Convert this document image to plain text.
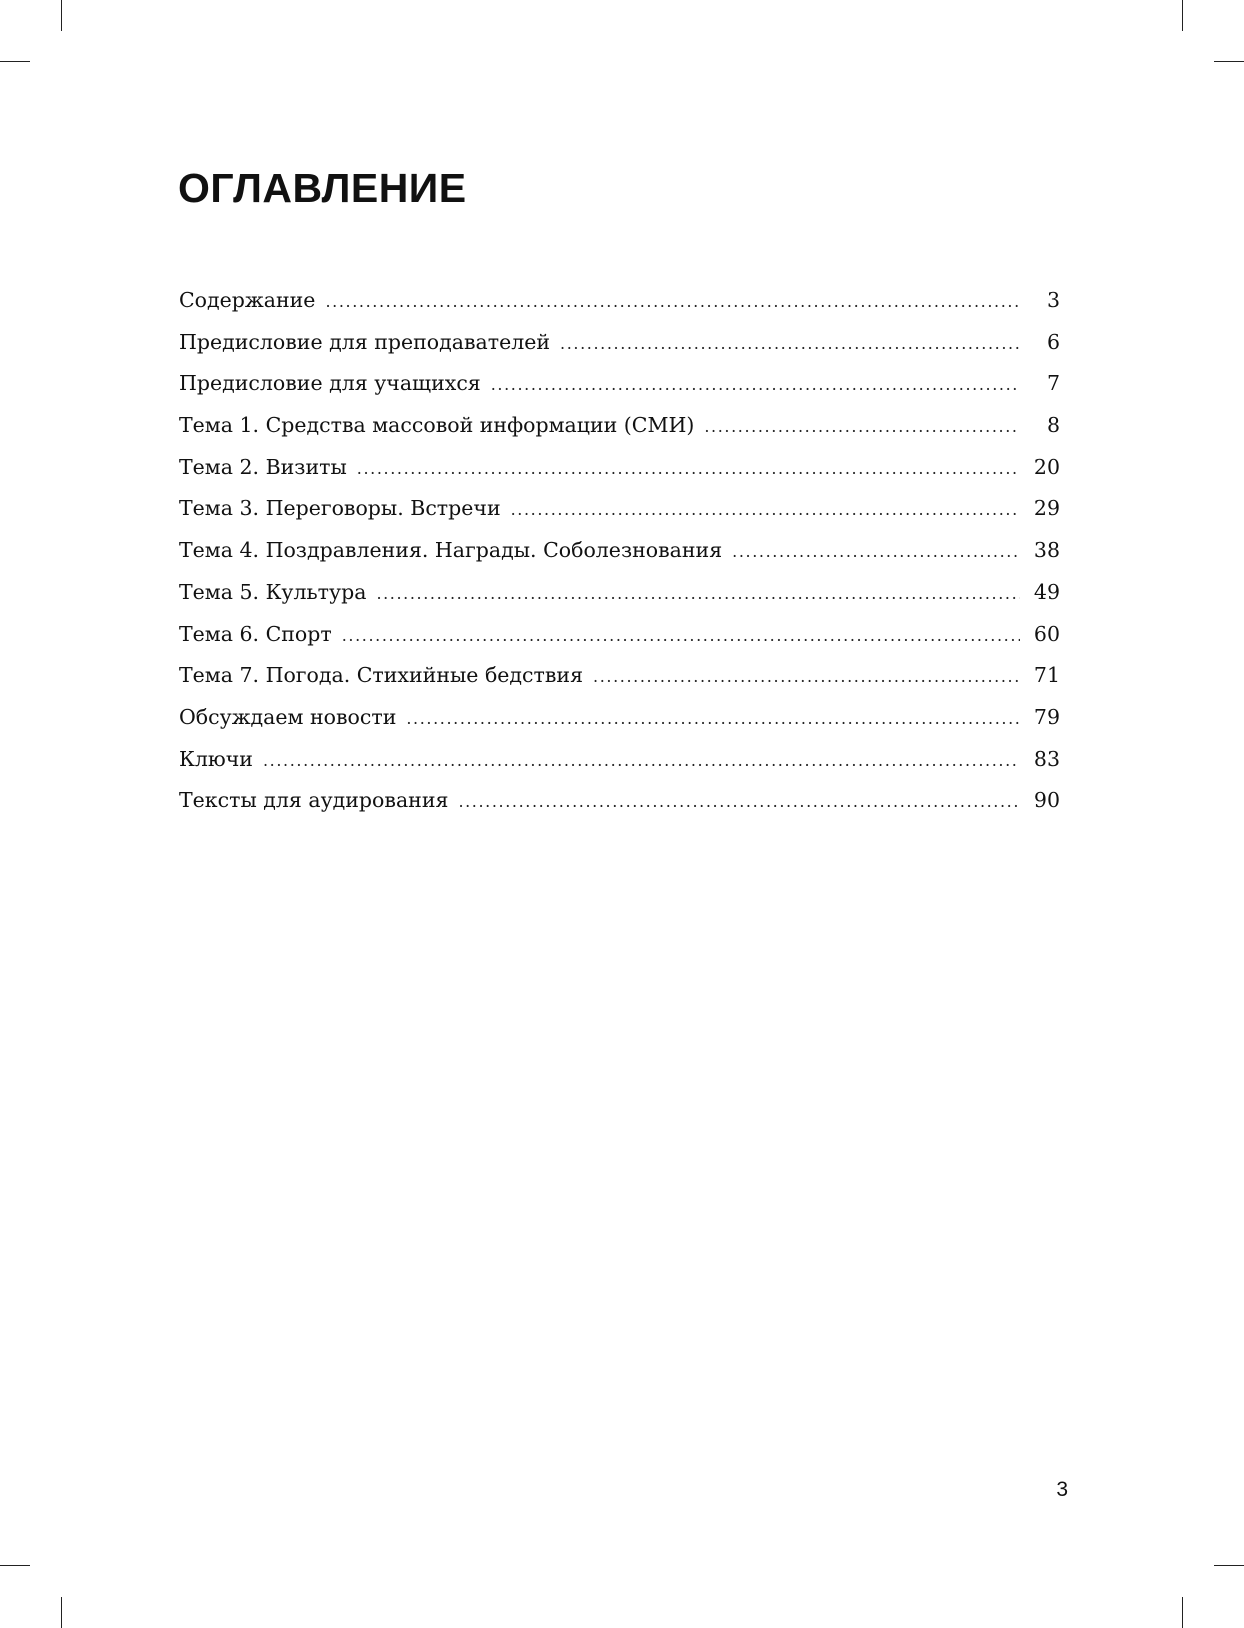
ОГЛАВЛЕНИЕ
Содержание .....	3
Предисловие для преподавателей .....	6
Предисловие для учащихся .....	7
Тема 1. Средства массовой информации (СМИ) .....	8
Тема 2. Визиты .....	20
Тема 3. Переговоры. Встречи .....	29
Тема 4. Поздравления. Награды. Соболезнования .....	38
Тема 5. Культура .....	49
Тема 6. Спорт .....	60
Тема 7. Погода. Стихийные бедствия .....	71
Обсуждаем новости .....	79
Ключи .....	83
Тексты для аудирования .....	90
3
